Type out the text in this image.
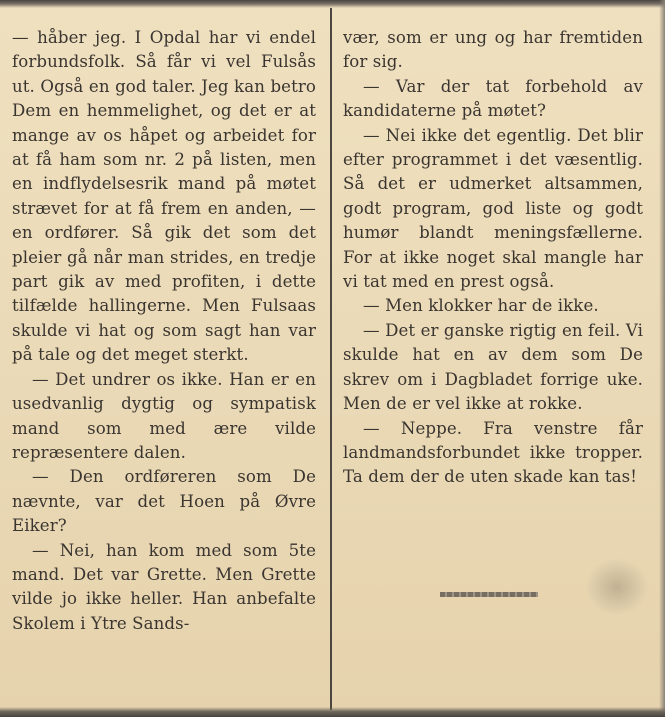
— håber jeg. I Opdal har vi endel forbundsfolk. Så får vi vel Fulsås ut. Også en god taler. Jeg kan betro Dem en hemmelighet, og det er at mange av os håpet og arbeidet for at få ham som nr. 2 på listen, men en indflydelsesrik mand på møtet strævet for at få frem en anden, — en ordfører. Så gik det som det pleier gå når man strides, en tredje part gik av med profiten, i dette tilfælde hallingerne. Men Fulsaas skulde vi hat og som sagt han var på tale og det meget sterkt.

— Det undrer os ikke. Han er en usedvanlig dygtig og sympatisk mand som med ære vilde repræsentere dalen.

— Den ordføreren som De nævnte, var det Hoen på Øvre Eiker?

— Nei, han kom med som 5te mand. Det var Grette. Men Grette vilde jo ikke heller. Han anbefalte Skolem i Ytre Sands-

vær, som er ung og har fremtiden for sig.

— Var der tat forbehold av kandidaterne på møtet?

— Nei ikke det egentlig. Det blir efter programmet i det væsentlig. Så det er udmerket altsammen, godt program, god liste og godt humør blandt meningsfællerne. For at ikke noget skal mangle har vi tat med en prest også.

— Men klokker har de ikke.

— Det er ganske rigtig en feil. Vi skulde hat en av dem som De skrev om i Dagbladet forrige uke. Men de er vel ikke at rokke.

— Neppe. Fra venstre får landmandsforbundet ikke tropper. Ta dem der de uten skade kan tas!
